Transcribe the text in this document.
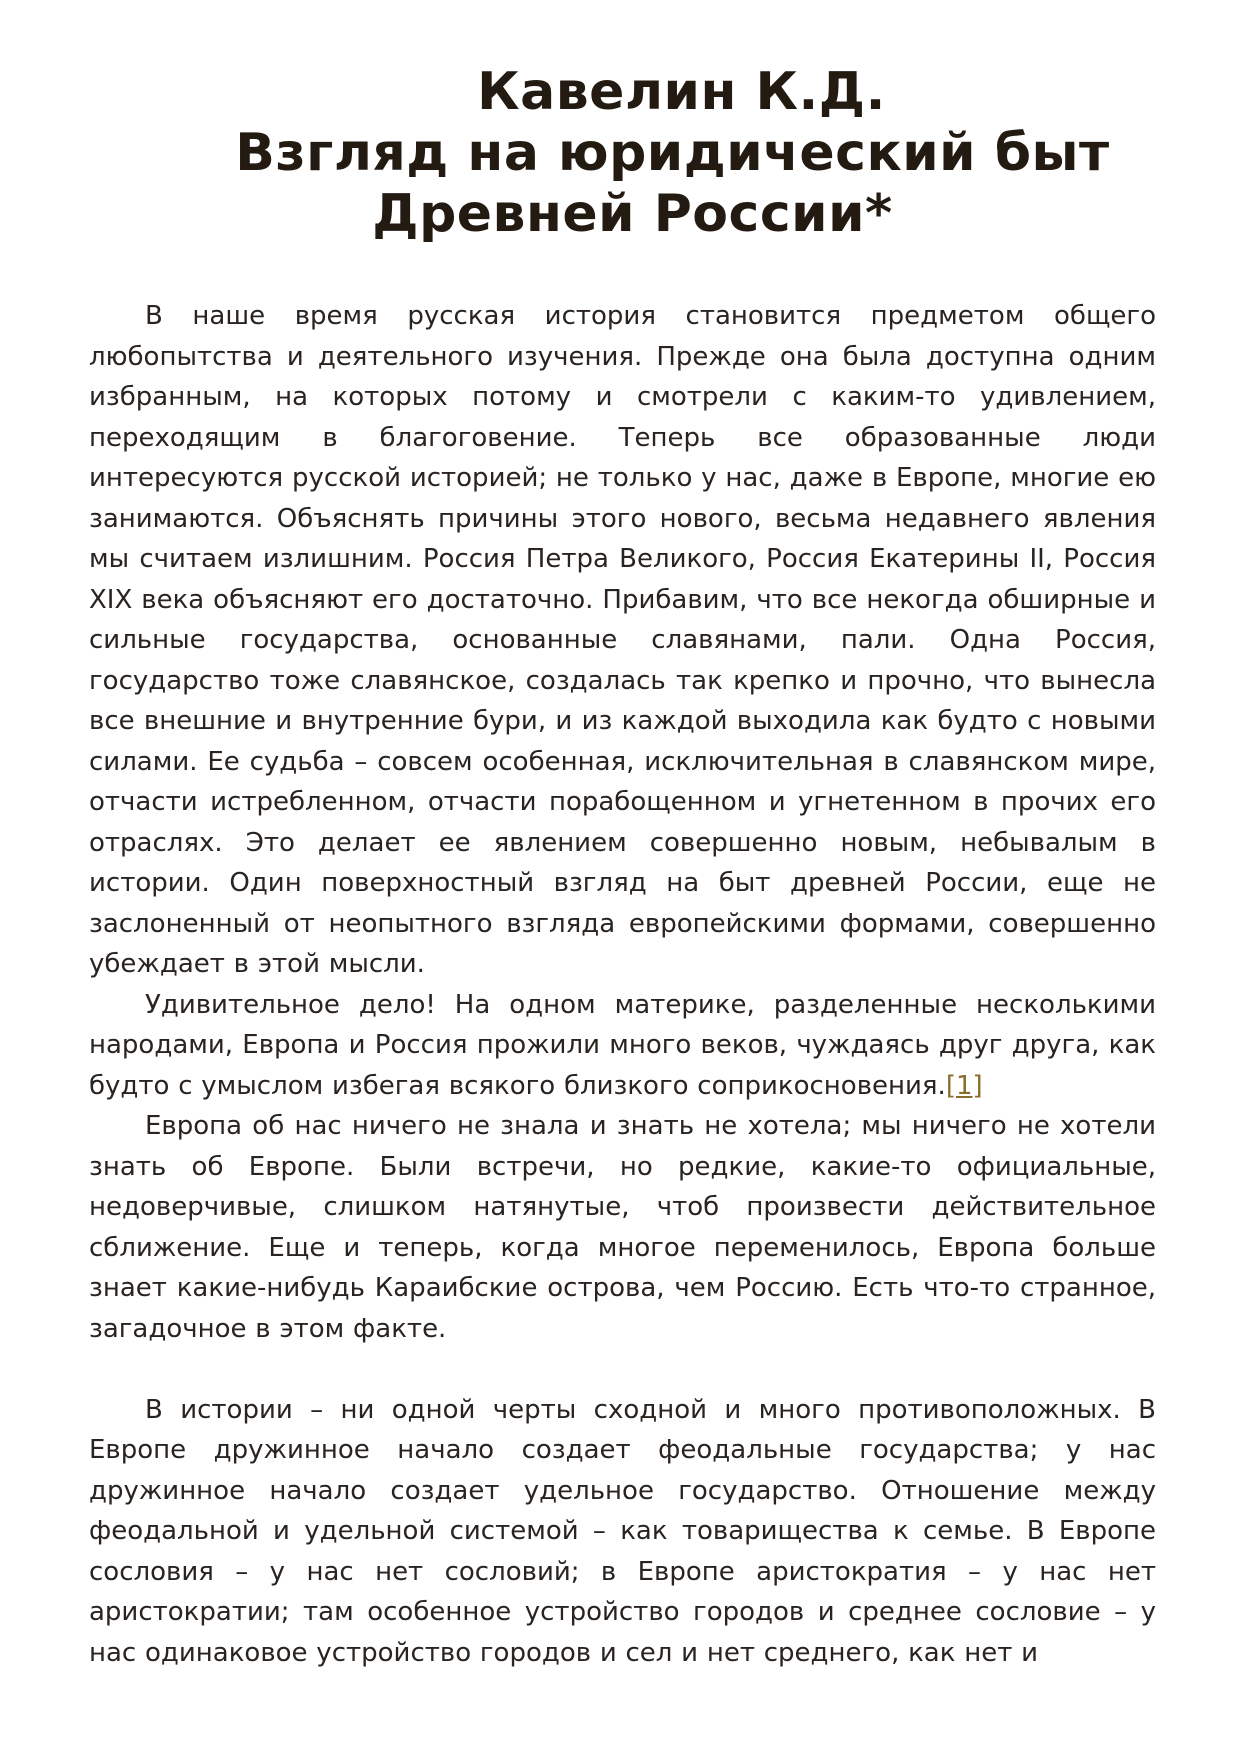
Кавелин К.Д.
Взгляд на юридический быт
Древней России*

В наше время русская история становится предметом общего любопытства и деятельного изучения. Прежде она была доступна одним избранным, на которых потому и смотрели с каким-то удивлением, переходящим в благоговение. Теперь все образованные люди интересуются русской историей; не только у нас, даже в Европе, многие ею занимаются. Объяснять причины этого нового, весьма недавнего явления мы считаем излишним. Россия Петра Великого, Россия Екатерины II, Россия XIX века объясняют его достаточно. Прибавим, что все некогда обширные и сильные государства, основанные славянами, пали. Одна Россия, государство тоже славянское, создалась так крепко и прочно, что вынесла все внешние и внутренние бури, и из каждой выходила как будто с новыми силами. Ее судьба – совсем особенная, исключительная в славянском мире, отчасти истребленном, отчасти порабощенном и угнетенном в прочих его отраслях. Это делает ее явлением совершенно новым, небывалым в истории. Один поверхностный взгляд на быт древней России, еще не заслоненный от неопытного взгляда европейскими формами, совершенно убеждает в этой мысли.

Удивительное дело! На одном материке, разделенные несколькими народами, Европа и Россия прожили много веков, чуждаясь друг друга, как будто с умыслом избегая всякого близкого соприкосновения.[1]

Европа об нас ничего не знала и знать не хотела; мы ничего не хотели знать об Европе. Были встречи, но редкие, какие-то официальные, недоверчивые, слишком натянутые, чтоб произвести действительное сближение. Еще и теперь, когда многое переменилось, Европа больше знает какие-нибудь Караибские острова, чем Россию. Есть что-то странное, загадочное в этом факте.

В истории – ни одной черты сходной и много противоположных. В Европе дружинное начало создает феодальные государства; у нас дружинное начало создает удельное государство. Отношение между феодальной и удельной системой – как товарищества к семье. В Европе сословия – у нас нет сословий; в Европе аристократия – у нас нет аристократии; там особенное устройство городов и среднее сословие – у нас одинаковое устройство городов и сел и нет среднего, как нет и
